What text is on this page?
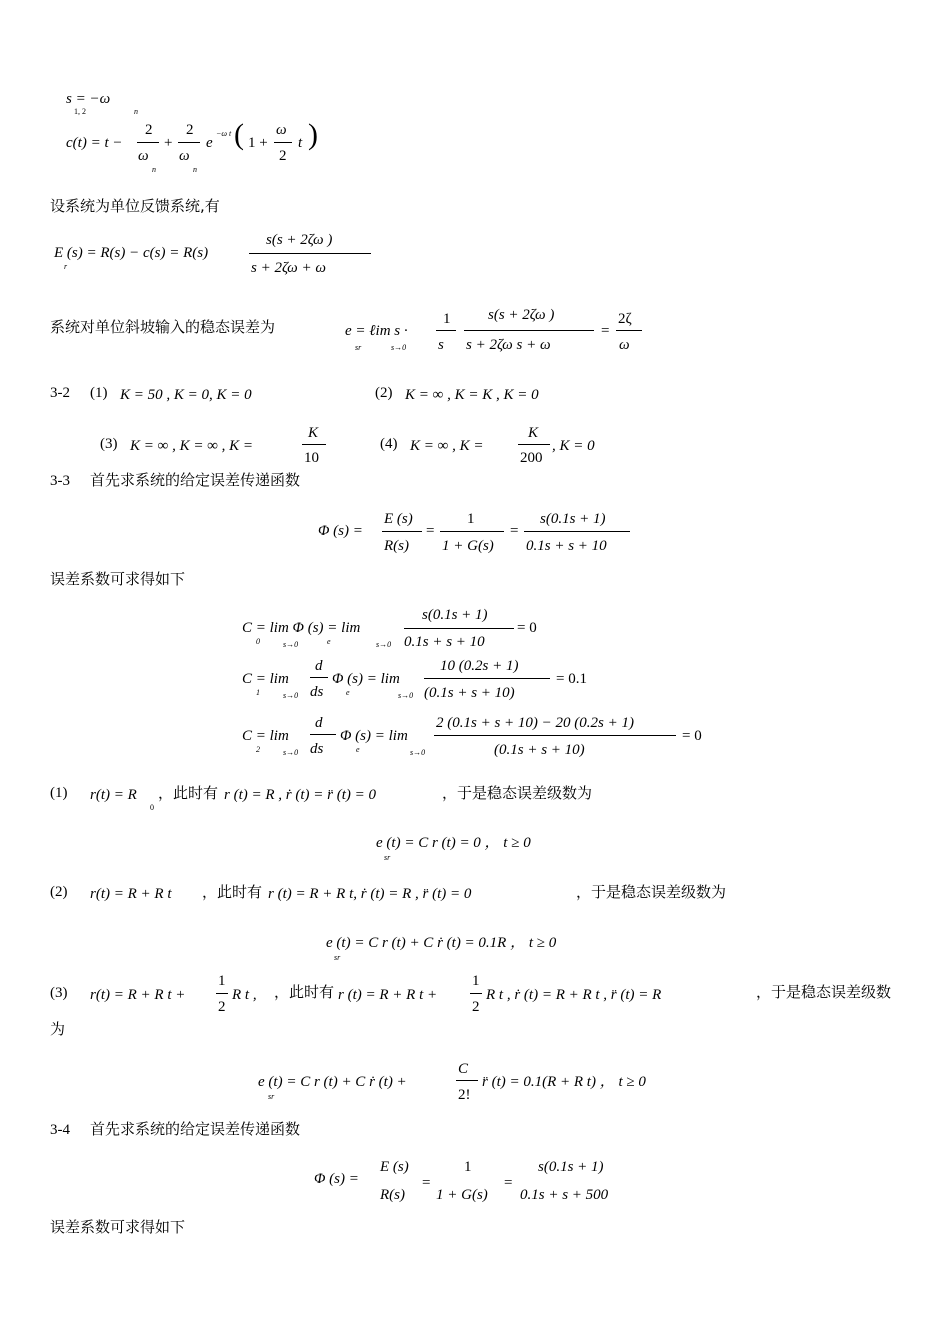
s = −ω
1, 2	n
c(t) = t −
2
ω
n
+
2
ω
n
e
−ω t ( 1 +
ω
2
t )
设系统为单位反馈系统,有
E (s) = R(s) − c(s) = R(s)
r
s(s + 2ζω )
s + 2ζω + ω
系统对单位斜坡输入的稳态误差为	e = ℓim s ·
sr	s→0
1
s
s(s + 2ζω )
s + 2ζω s + ω
=
2ζ
ω
3-2 (1) K = 50 , K = 0, K = 0	(2) K = ∞ , K = K , K = 0
(3) K = ∞ , K = ∞ , K =
K
10
(4) K = ∞ , K =
K
200
, K = 0
3-3 首先求系统的给定误差传递函数
Φ (s) =
E (s)
R(s)
=
1
1 + G(s)
=
s(0.1s + 1)
0.1s + s + 10
误差系数可求得如下
C = lim Φ (s) = lim
0	s→0	e	s→0
s(0.1s + 1)
0.1s + s + 10
= 0
C = lim
1	s→0
d
ds
Φ (s) = lim
e	s→0
10 (0.2s + 1)
(0.1s + s + 10)
= 0.1
C = lim
2	s→0
d
ds
Φ (s) = lim
e	s→0
2 (0.1s + s + 10) − 20 (0.2s + 1)
(0.1s + s + 10)
= 0
(1) r(t) = R
0
，此时有 r (t) = R , ṙ (t) = r̈ (t) = 0	，于是稳态误差级数为
e (t) = C r (t) = 0 ， t ≥ 0
sr
(2) r(t) = R + R t ，此时有 r (t) = R + R t, ṙ (t) = R , r̈ (t) = 0	，于是稳态误差级数为
e (t) = C r (t) + C ṙ (t) = 0.1R ， t ≥ 0
sr
(3) r(t) = R + R t +
1
2
R t , ，此时有 r (t) = R + R t +
1
2
R t , ṙ (t) = R + R t , r̈ (t) = R	，于是稳态误差级数
为
e (t) = C r (t) + C ṙ (t) +
sr
C
2!
r̈ (t) = 0.1(R + R t) ， t ≥ 0
3-4 首先求系统的给定误差传递函数
Φ (s) =
E (s)
R(s)
=
1
1 + G(s)
=
s(0.1s + 1)
0.1s + s + 500
误差系数可求得如下
